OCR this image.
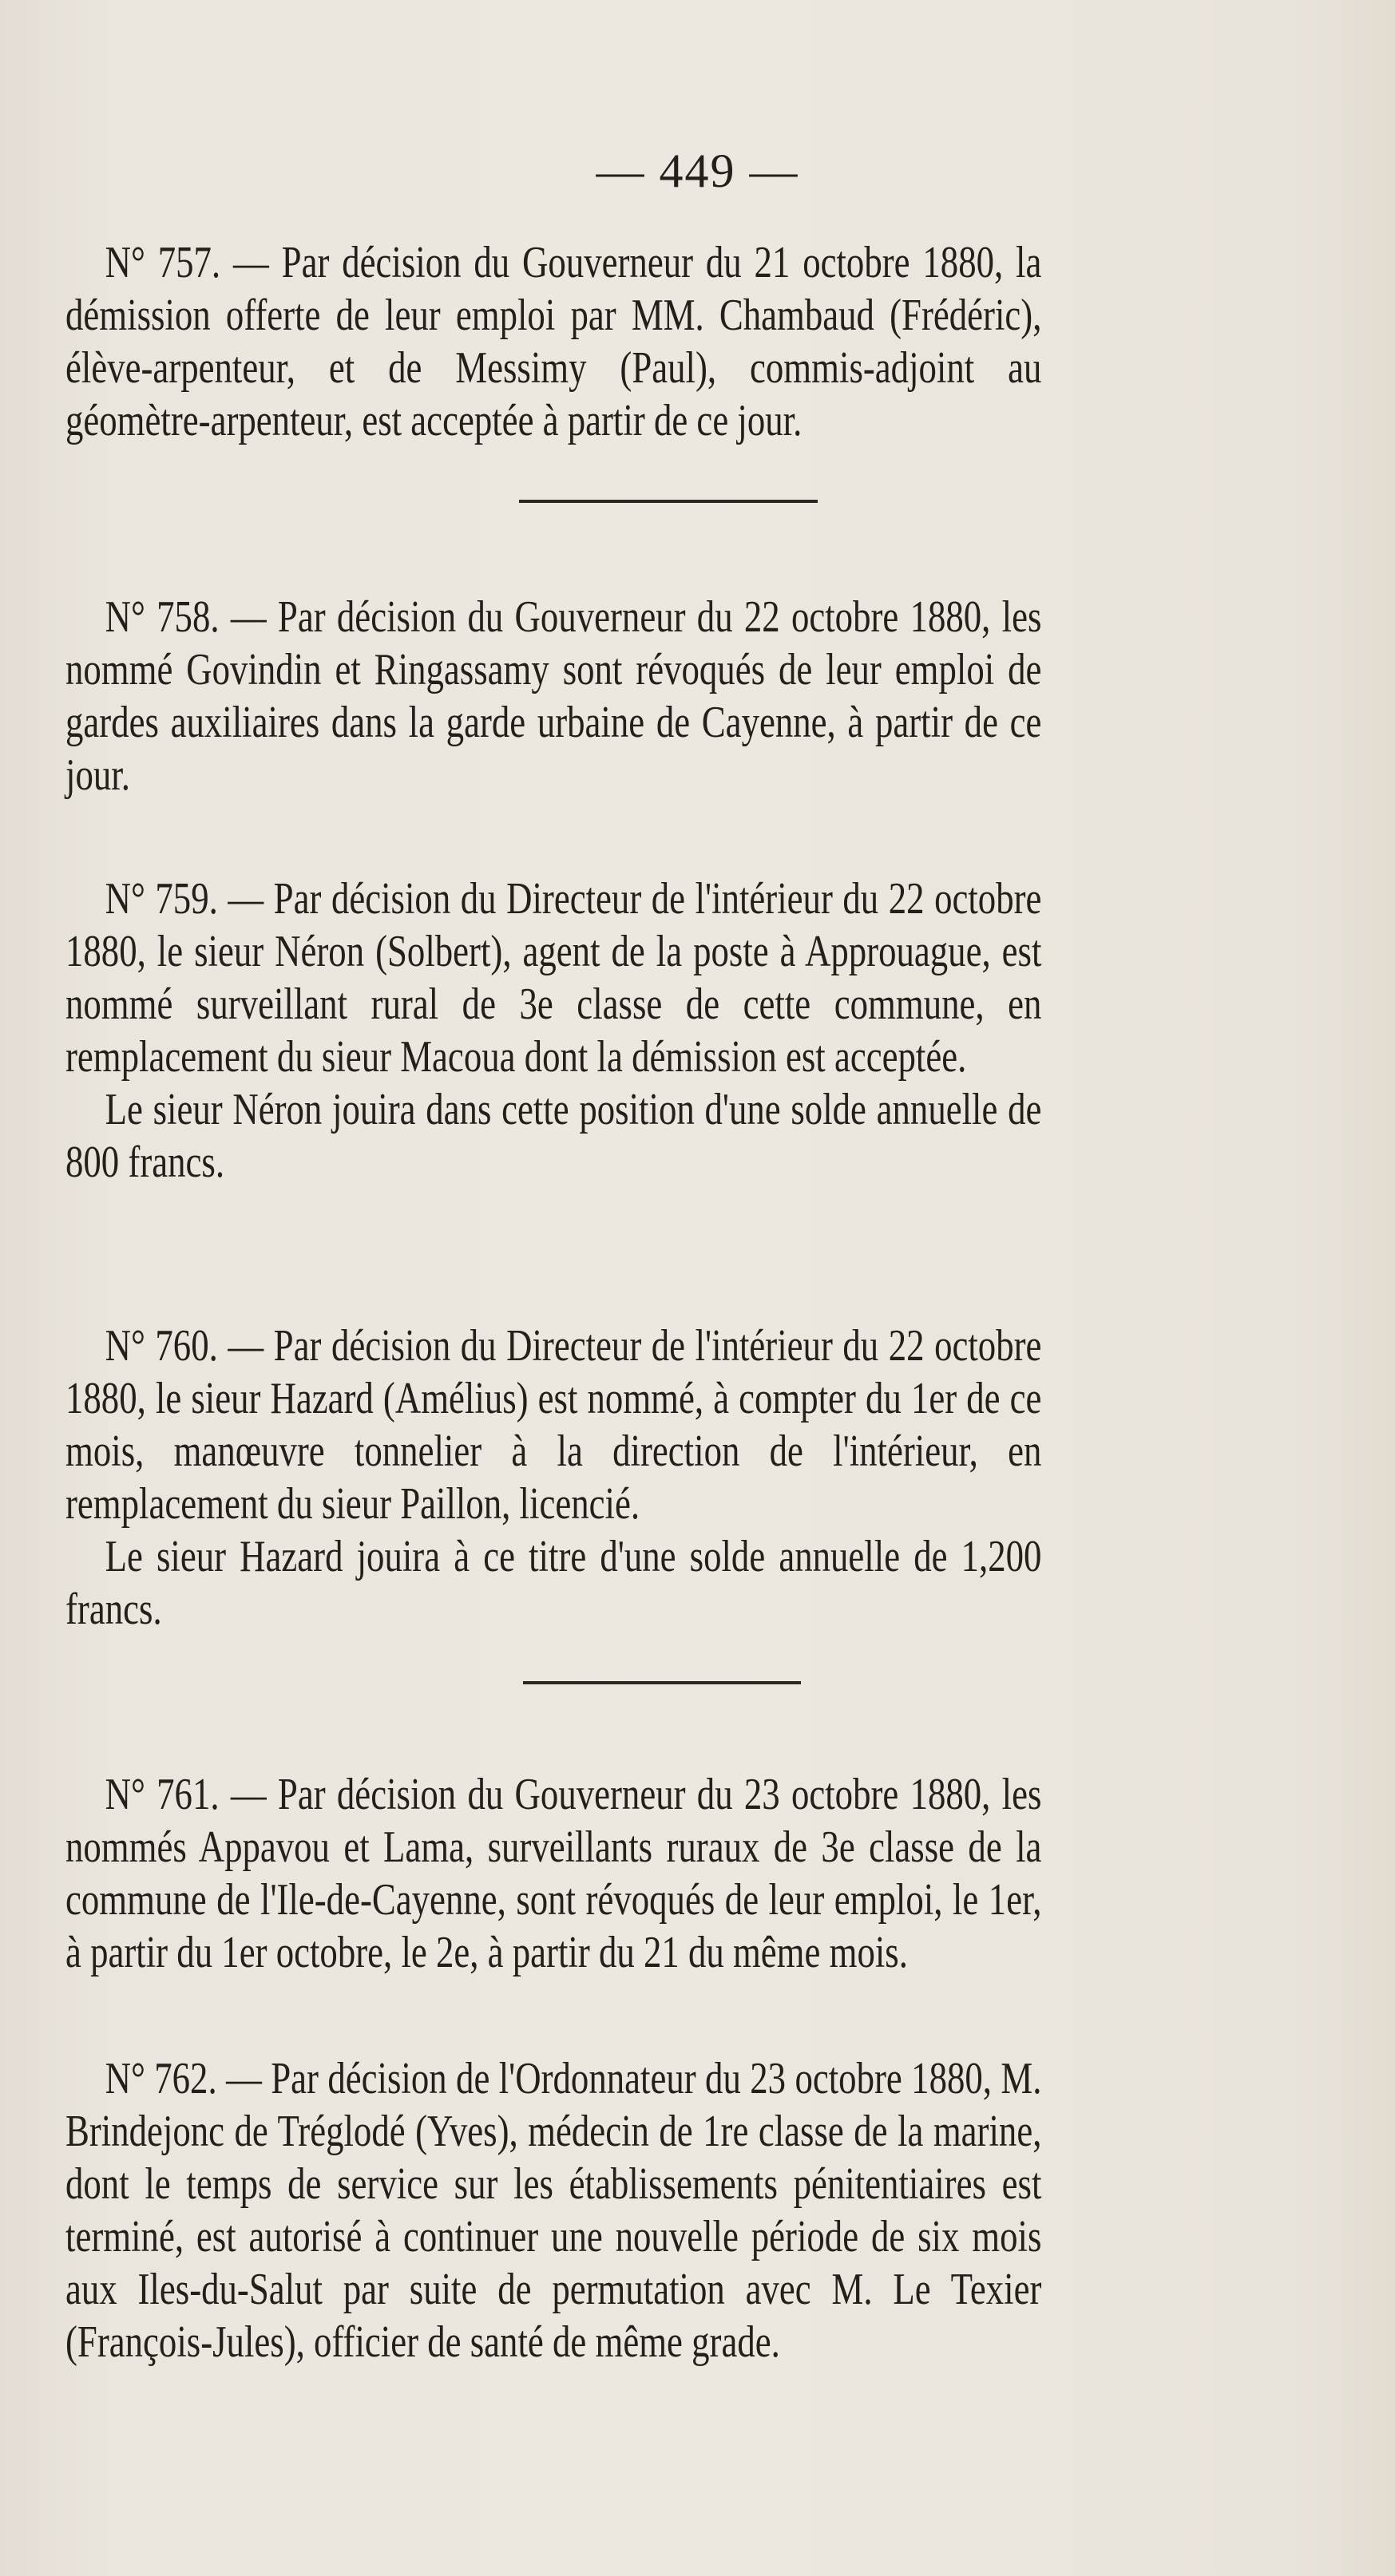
— 449 —

N° 757. — Par décision du Gouverneur du 21 octobre 1880, la démission offerte de leur emploi par MM. Chambaud (Frédéric), élève-arpenteur, et de Messimy (Paul), commis-adjoint au géomètre-arpenteur, est acceptée à partir de ce jour.

N° 758. — Par décision du Gouverneur du 22 octobre 1880, les nommé Govindin et Ringassamy sont révoqués de leur emploi de gardes auxiliaires dans la garde urbaine de Cayenne, à partir de ce jour.

N° 759. — Par décision du Directeur de l'intérieur du 22 octobre 1880, le sieur Néron (Solbert), agent de la poste à Approuague, est nommé surveillant rural de 3e classe de cette commune, en remplacement du sieur Macoua dont la démission est acceptée.

Le sieur Néron jouira dans cette position d'une solde annuelle de 800 francs.

N° 760. — Par décision du Directeur de l'intérieur du 22 octobre 1880, le sieur Hazard (Amélius) est nommé, à compter du 1er de ce mois, manœuvre tonnelier à la direction de l'intérieur, en remplacement du sieur Paillon, licencié.

Le sieur Hazard jouira à ce titre d'une solde annuelle de 1,200 francs.

N° 761. — Par décision du Gouverneur du 23 octobre 1880, les nommés Appavou et Lama, surveillants ruraux de 3e classe de la commune de l'Ile-de-Cayenne, sont révoqués de leur emploi, le 1er, à partir du 1er octobre, le 2e, à partir du 21 du même mois.

N° 762. — Par décision de l'Ordonnateur du 23 octobre 1880, M. Brindejonc de Tréglodé (Yves), médecin de 1re classe de la marine, dont le temps de service sur les établissements pénitentiaires est terminé, est autorisé à continuer une nouvelle période de six mois aux Iles-du-Salut par suite de permutation avec M. Le Texier (François-Jules), officier de santé de même grade.
